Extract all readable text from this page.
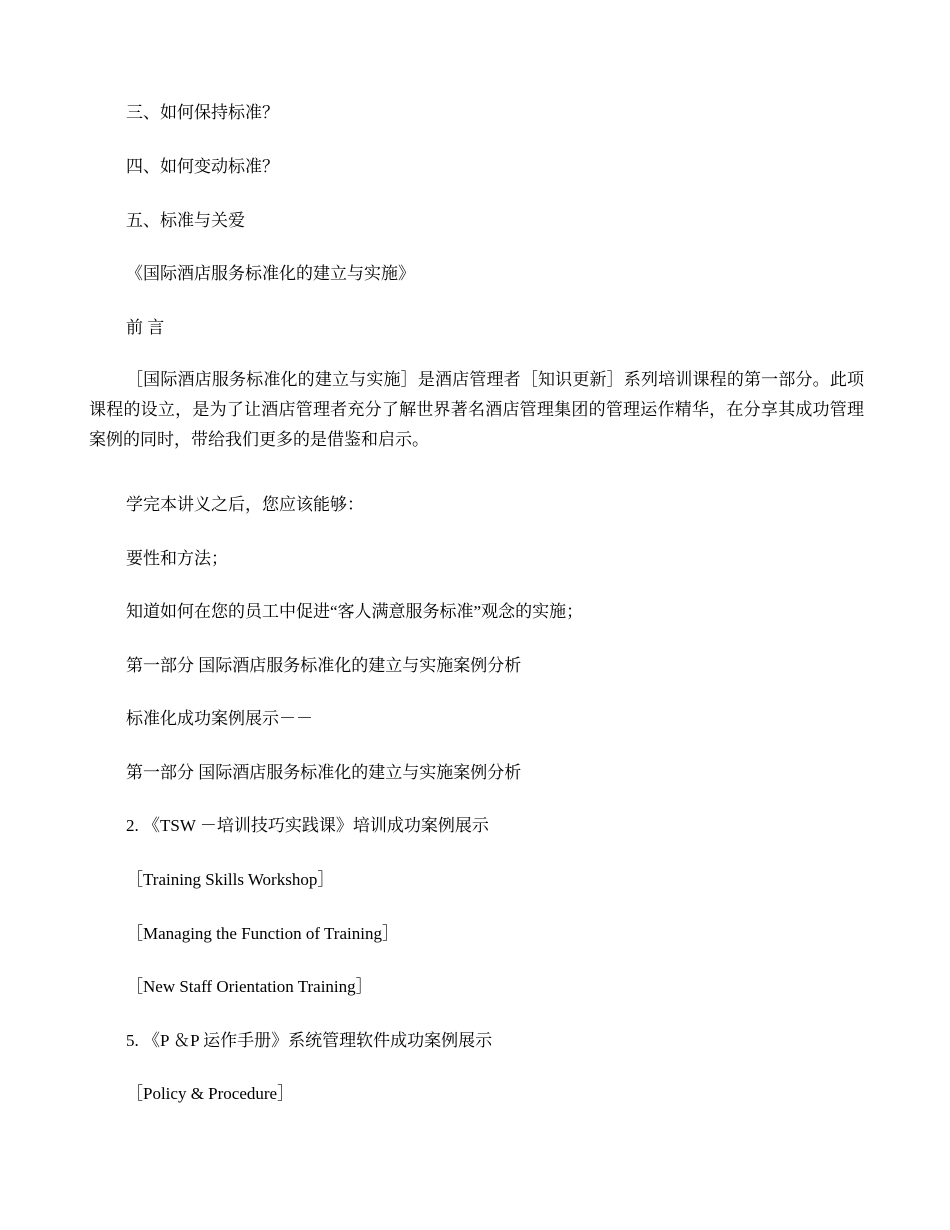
三、如何保持标准？
四、如何变动标准？
五、标准与关爱
《国际酒店服务标准化的建立与实施》
前 言
［国际酒店服务标准化的建立与实施］是酒店管理者［知识更新］系列培训课程的第一部分。此项课程的设立，是为了让酒店管理者充分了解世界著名酒店管理集团的管理运作精华，在分享其成功管理案例的同时，带给我们更多的是借鉴和启示。
学完本讲义之后，您应该能够：
要性和方法；
知道如何在您的员工中促进“客人满意服务标准”观念的实施；
第一部分 国际酒店服务标准化的建立与实施案例分析
标准化成功案例展示－－
第一部分 国际酒店服务标准化的建立与实施案例分析
2. 《TSW －培训技巧实践课》培训成功案例展示
［Training Skills Workshop］
［Managing the Function of Training］
［New Staff Orientation Training］
5. 《P ＆P 运作手册》系统管理软件成功案例展示
［Policy & Procedure］
